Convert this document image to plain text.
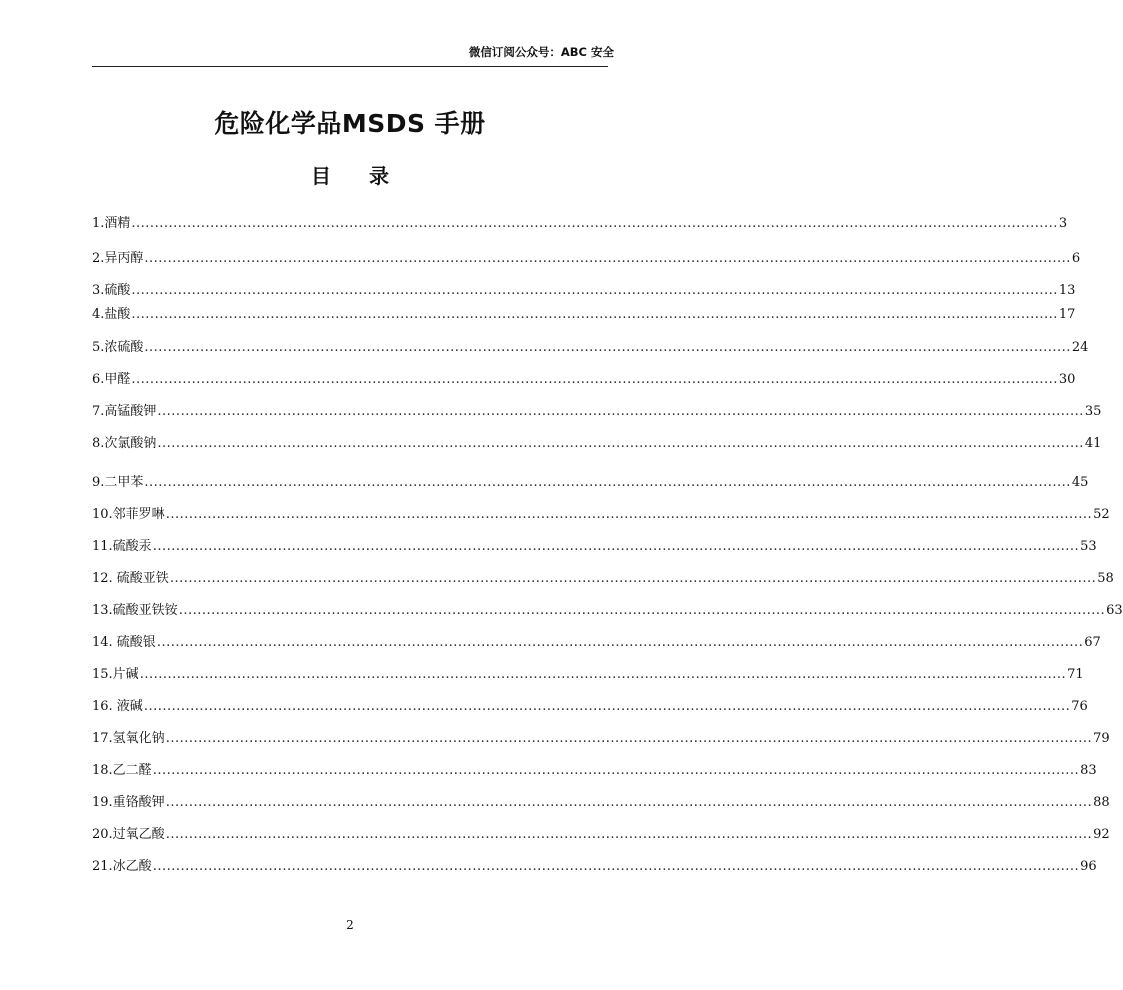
微信订阅公众号：ABC 安全
危险化学品MSDS 手册
目录
1.酒精 ........................................................................................................................................................................................................ 3
2.异丙醇 ........................................................................................................................................................................................................ 6
3.硫酸 ........................................................................................................................................................................................................ 13
4.盐酸 ........................................................................................................................................................................................................ 17
5.浓硫酸 ........................................................................................................................................................................................................ 24
6.甲醛 ........................................................................................................................................................................................................ 30
7.高锰酸钾 ........................................................................................................................................................................................................ 35
8.次氯酸钠 ........................................................................................................................................................................................................ 41
9.二甲苯 ........................................................................................................................................................................................................ 45
10.邻菲罗啉 ........................................................................................................................................................................................................ 52
11.硫酸汞 ........................................................................................................................................................................................................ 53
12. 硫酸亚铁 ........................................................................................................................................................................................................ 58
13.硫酸亚铁铵 ........................................................................................................................................................................................................ 63
14. 硫酸银 ........................................................................................................................................................................................................ 67
15.片碱 ........................................................................................................................................................................................................ 71
16. 液碱 ........................................................................................................................................................................................................ 76
17.氢氧化钠 ........................................................................................................................................................................................................ 79
18.乙二醛 ........................................................................................................................................................................................................ 83
19.重铬酸钾 ........................................................................................................................................................................................................ 88
20.过氧乙酸 ........................................................................................................................................................................................................ 92
21.冰乙酸 ........................................................................................................................................................................................................ 96
2
